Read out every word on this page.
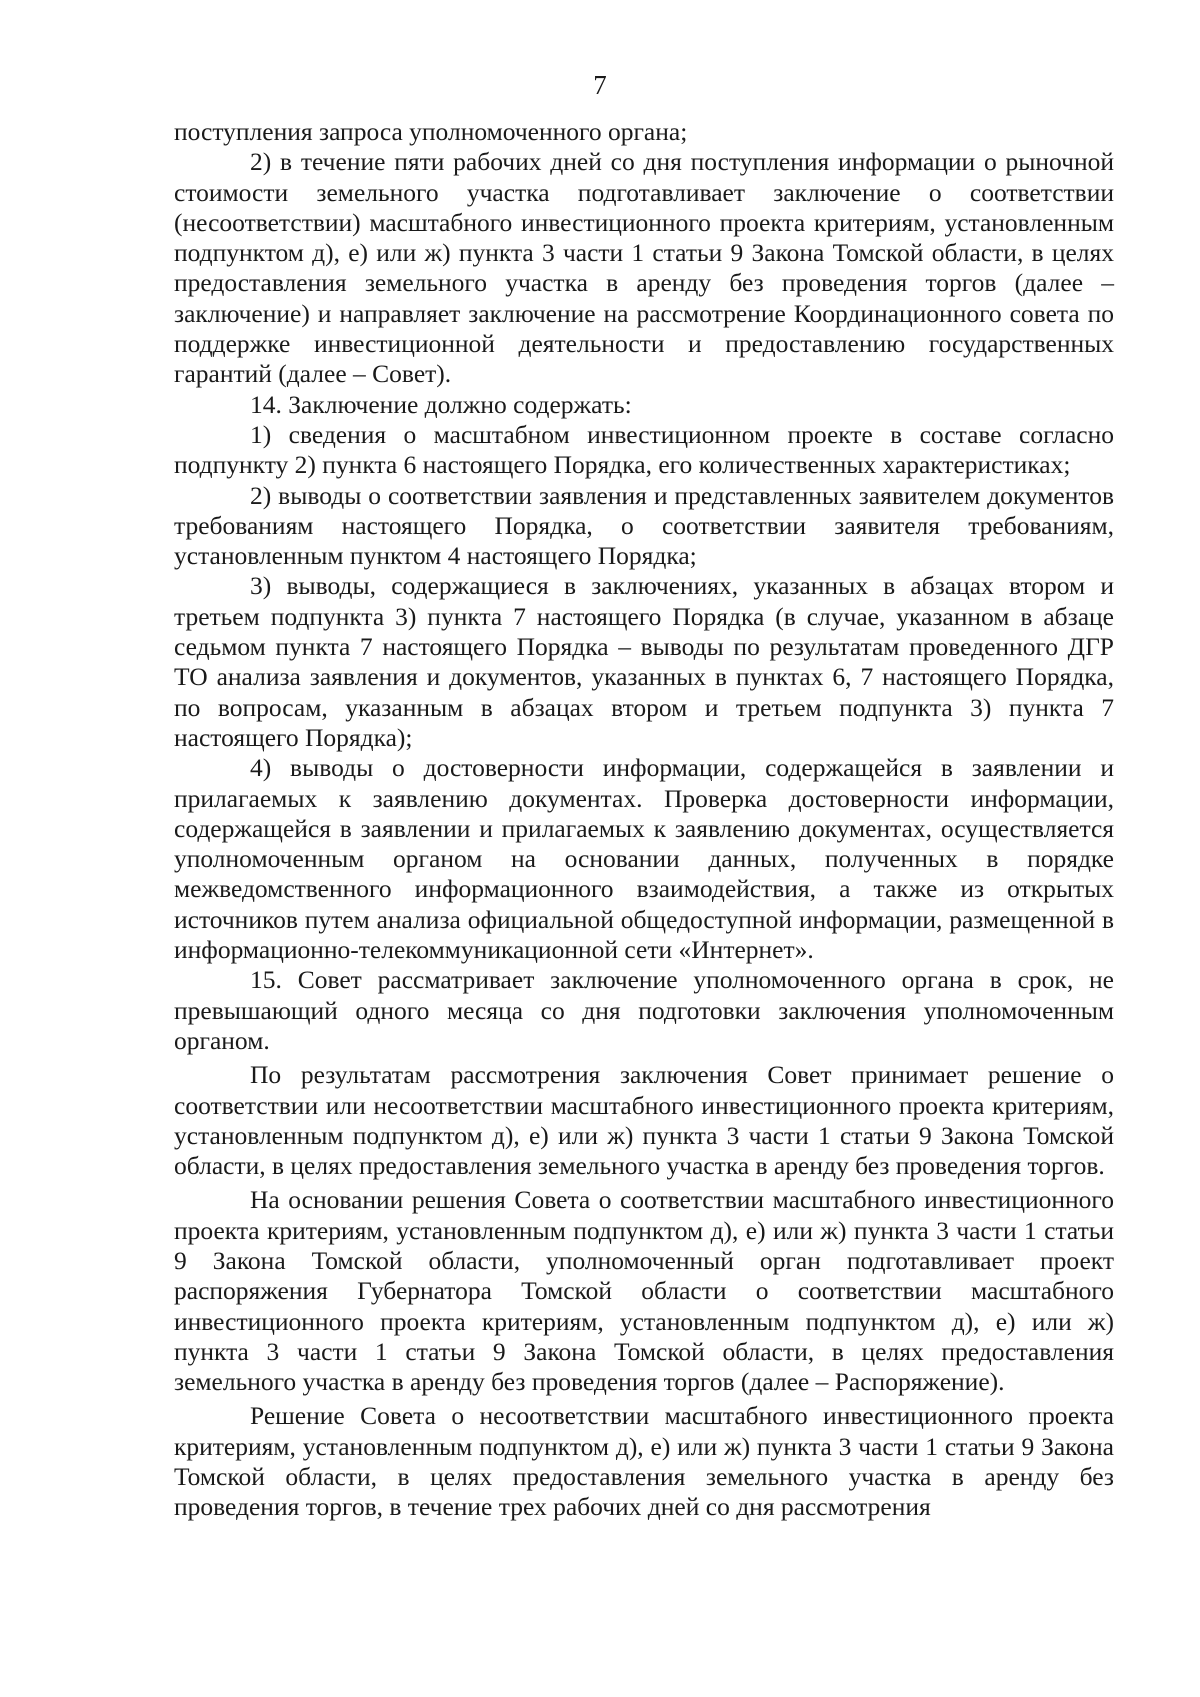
7

поступления запроса уполномоченного органа;

2) в течение пяти рабочих дней со дня поступления информации о рыночной стоимости земельного участка подготавливает заключение о соответствии (несоответствии) масштабного инвестиционного проекта критериям, установленным подпунктом д), е) или ж) пункта 3 части 1 статьи 9 Закона Томской области, в целях предоставления земельного участка в аренду без проведения торгов (далее – заключение) и направляет заключение на рассмотрение Координационного совета по поддержке инвестиционной деятельности и предоставлению государственных гарантий (далее – Совет).

14. Заключение должно содержать:

1) сведения о масштабном инвестиционном проекте в составе согласно подпункту 2) пункта 6 настоящего Порядка, его количественных характеристиках;

2) выводы о соответствии заявления и представленных заявителем документов требованиям настоящего Порядка, о соответствии заявителя требованиям, установленным пунктом 4 настоящего Порядка;

3) выводы, содержащиеся в заключениях, указанных в абзацах втором и третьем подпункта 3) пункта 7 настоящего Порядка (в случае, указанном в абзаце седьмом пункта 7 настоящего Порядка – выводы по результатам проведенного ДГР ТО анализа заявления и документов, указанных в пунктах 6, 7 настоящего Порядка, по вопросам, указанным в абзацах втором и третьем подпункта 3) пункта 7 настоящего Порядка);

4) выводы о достоверности информации, содержащейся в заявлении и прилагаемых к заявлению документах. Проверка достоверности информации, содержащейся в заявлении и прилагаемых к заявлению документах, осуществляется уполномоченным органом на основании данных, полученных в порядке межведомственного информационного взаимодействия, а также из открытых источников путем анализа официальной общедоступной информации, размещенной в информационно-телекоммуникационной сети «Интернет».

15. Совет рассматривает заключение уполномоченного органа в срок, не превышающий одного месяца со дня подготовки заключения уполномоченным органом.

По результатам рассмотрения заключения Совет принимает решение о соответствии или несоответствии масштабного инвестиционного проекта критериям, установленным подпунктом д), е) или ж) пункта 3 части 1 статьи 9 Закона Томской области, в целях предоставления земельного участка в аренду без проведения торгов.

На основании решения Совета о соответствии масштабного инвестиционного проекта критериям, установленным подпунктом д), е) или ж) пункта 3 части 1 статьи 9 Закона Томской области, уполномоченный орган подготавливает проект распоряжения Губернатора Томской области о соответствии масштабного инвестиционного проекта критериям, установленным подпунктом д), е) или ж) пункта 3 части 1 статьи 9 Закона Томской области, в целях предоставления земельного участка в аренду без проведения торгов (далее – Распоряжение).

Решение Совета о несоответствии масштабного инвестиционного проекта критериям, установленным подпунктом д), е) или ж) пункта 3 части 1 статьи 9 Закона Томской области, в целях предоставления земельного участка в аренду без проведения торгов, в течение трех рабочих дней со дня рассмотрения
